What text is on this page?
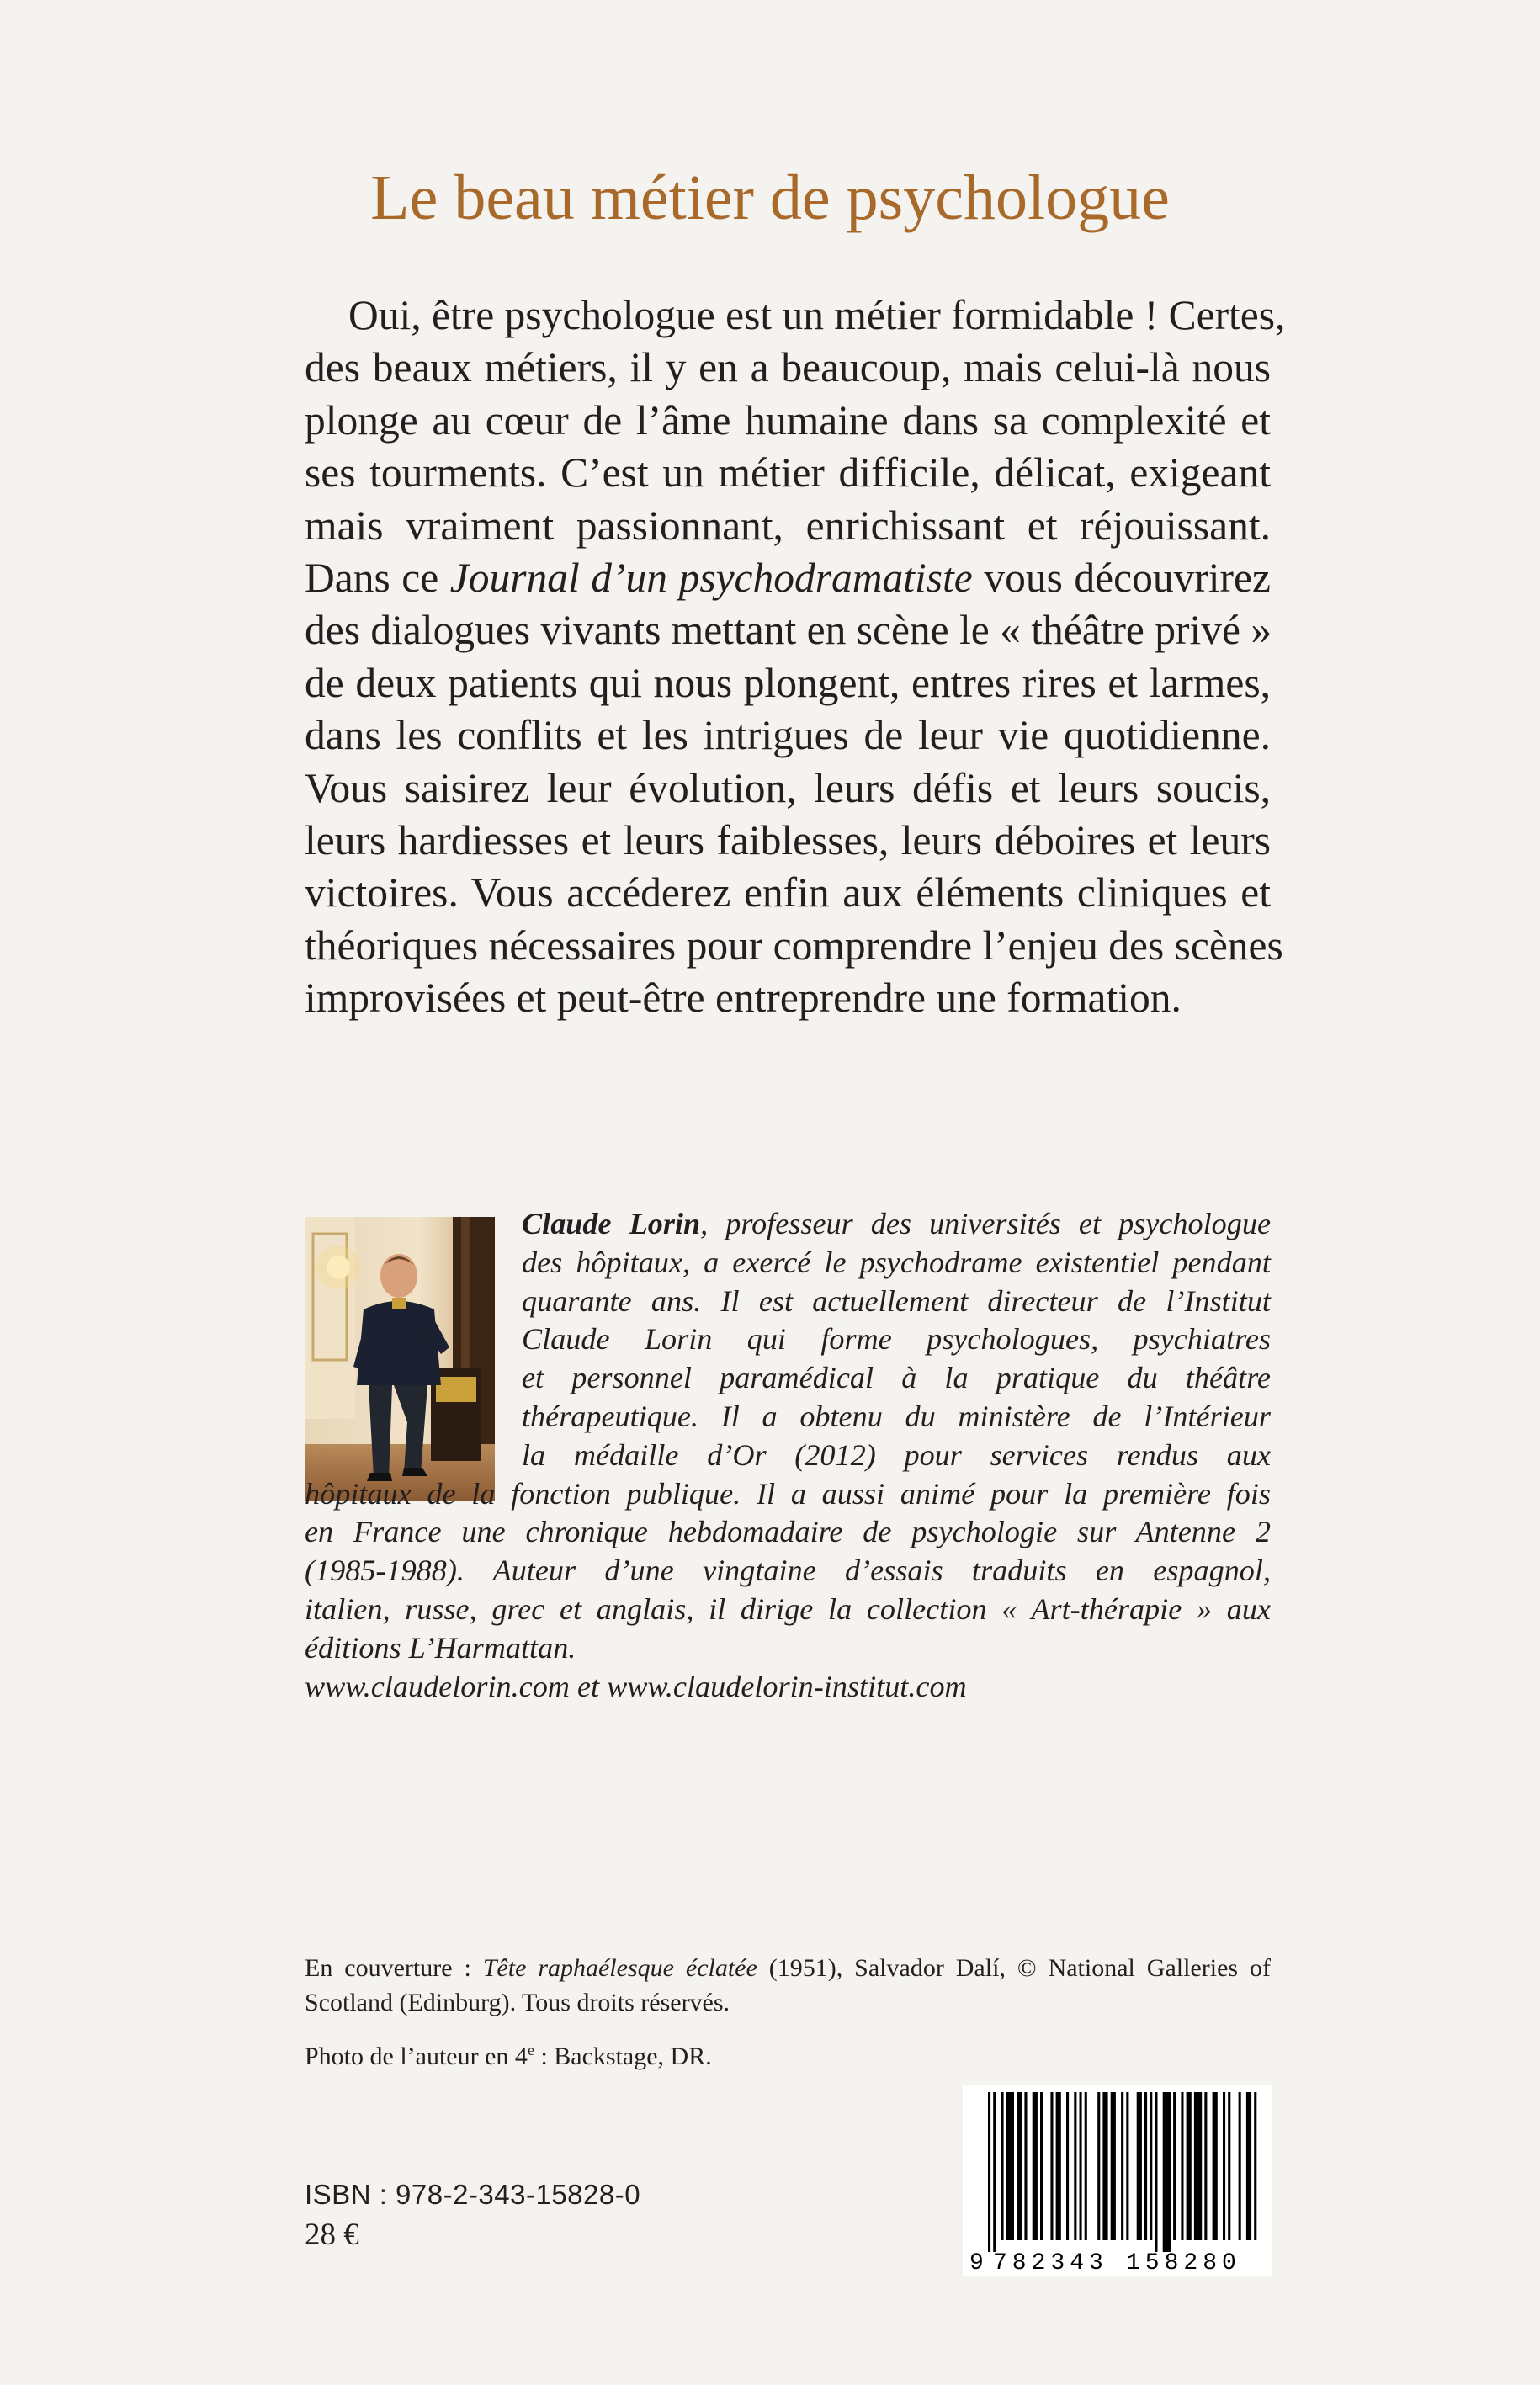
Le beau métier de psychologue
Oui, être psychologue est un métier formidable ! Certes,
des beaux métiers, il y en a beaucoup, mais celui-là nous
plonge au cœur de l’âme humaine dans sa complexité et
ses tourments. C’est un métier difficile, délicat, exigeant
mais vraiment passionnant, enrichissant et réjouissant.
Dans ce Journal d’un psychodramatiste vous découvrirez
des dialogues vivants mettant en scène le « théâtre privé »
de deux patients qui nous plongent, entres rires et larmes,
dans les conflits et les intrigues de leur vie quotidienne.
Vous saisirez leur évolution, leurs défis et leurs soucis,
leurs hardiesses et leurs faiblesses, leurs déboires et leurs
victoires. Vous accéderez enfin aux éléments cliniques et
théoriques nécessaires pour comprendre l’enjeu des scènes
improvisées et peut-être entreprendre une formation.
Claude Lorin, professeur des universités et psychologue
des hôpitaux, a exercé le psychodrame existentiel pendant
quarante ans. Il est actuellement directeur de l’Institut
Claude Lorin qui forme psychologues, psychiatres
et personnel paramédical à la pratique du théâtre
thérapeutique. Il a obtenu du ministère de l’Intérieur
la médaille d’Or (2012) pour services rendus aux
hôpitaux de la fonction publique. Il a aussi animé pour la première fois
en France une chronique hebdomadaire de psychologie sur Antenne 2
(1985-1988). Auteur d’une vingtaine d’essais traduits en espagnol,
italien, russe, grec et anglais, il dirige la collection « Art-thérapie » aux
éditions L’Harmattan.
www.claudelorin.com et www.claudelorin-institut.com
En couverture : Tête raphaélesque éclatée (1951), Salvador Dalí, © National Galleries of
Scotland (Edinburg). Tous droits réservés.
Photo de l’auteur en 4e : Backstage, DR.
ISBN : 978-2-343-15828-0
28 €
9 782343 158280
